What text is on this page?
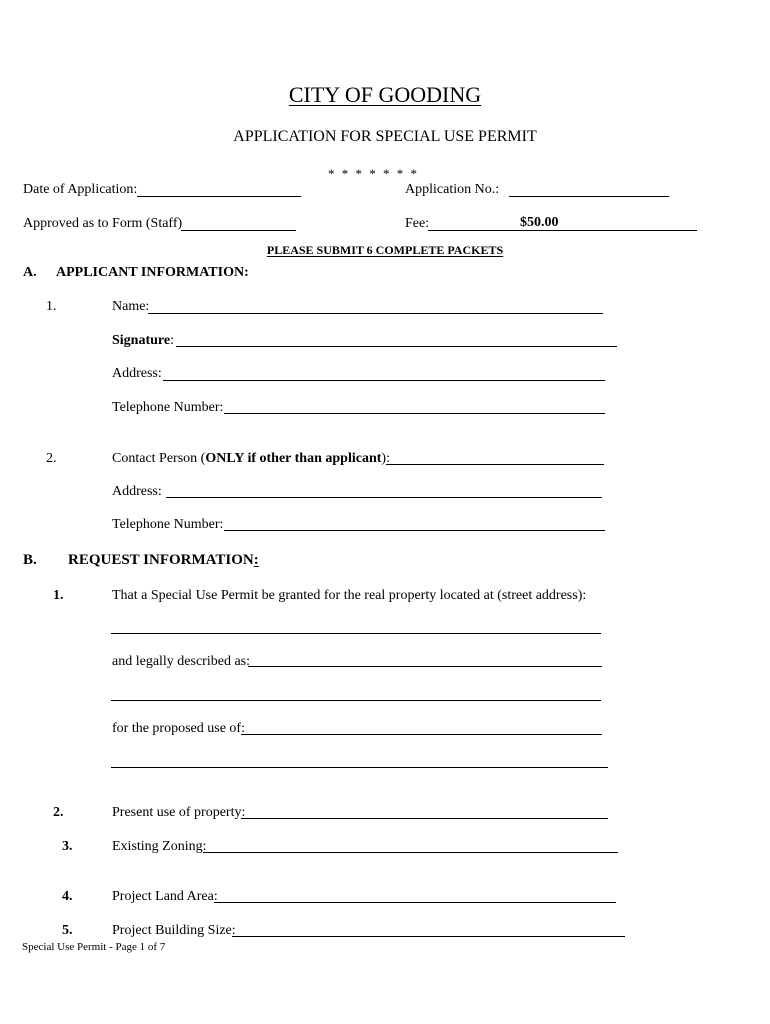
CITY OF GOODING
APPLICATION FOR SPECIAL USE PERMIT
* * * * * * *
Date of Application:	Application No.:
Approved as to Form (Staff)	Fee:	$50.00
PLEASE SUBMIT 6 COMPLETE PACKETS
A. APPLICANT INFORMATION:
1.	Name:
Signature:
Address:
Telephone Number:
2.	Contact Person (ONLY if other than applicant):
Address:
Telephone Number:
B. REQUEST INFORMATION:
1.	That a Special Use Permit be granted for the real property located at (street address):
and legally described as:
for the proposed use of:
2.	Present use of property:
3.	Existing Zoning:
4.	Project Land Area:
5.	Project Building Size:
Special Use Permit - Page 1 of 7
